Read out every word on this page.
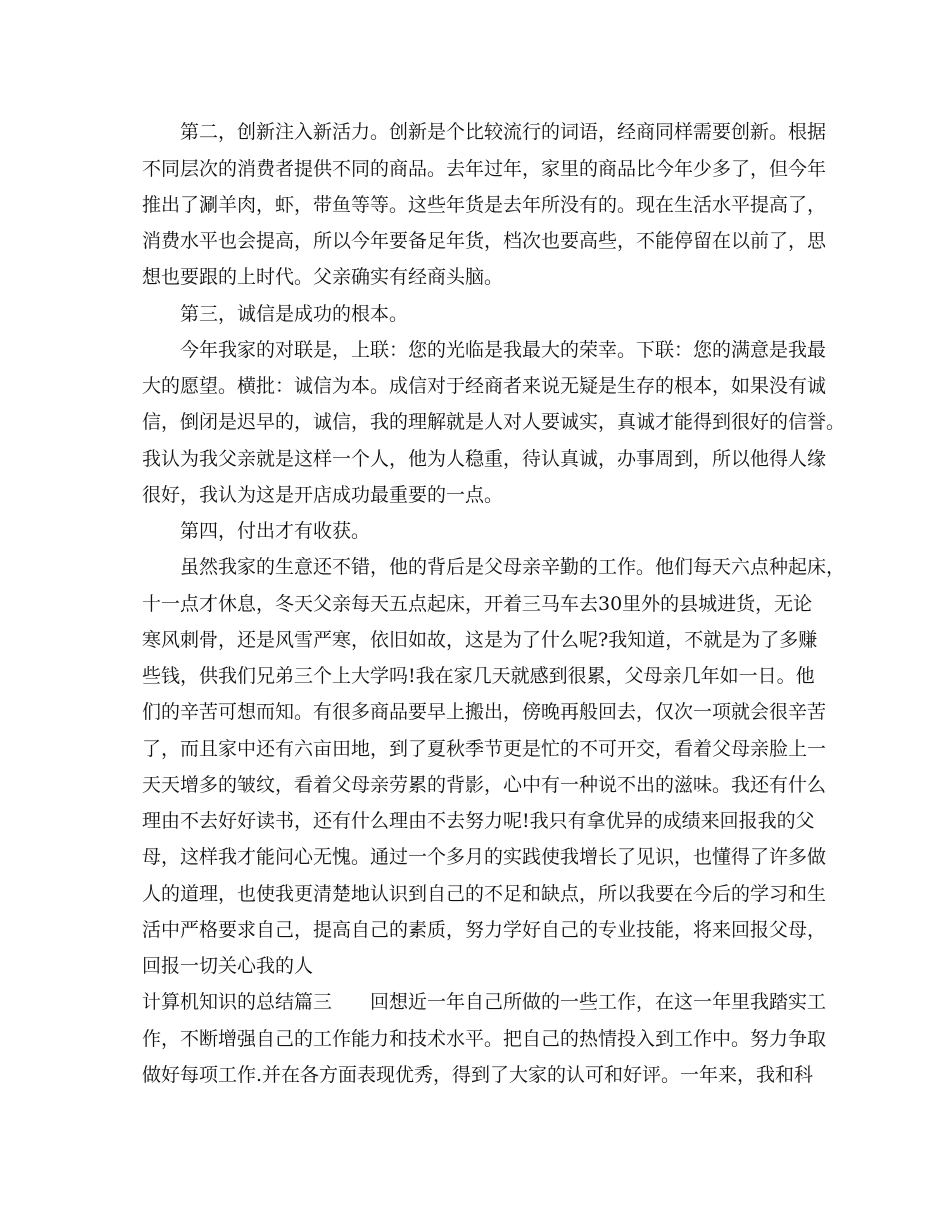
第二，创新注入新活力。创新是个比较流行的词语，经商同样需要创新。根据

不同层次的消费者提供不同的商品。去年过年，家里的商品比今年少多了，但今年

推出了涮羊肉，虾，带鱼等等。这些年货是去年所没有的。现在生活水平提高了，

消费水平也会提高，所以今年要备足年货，档次也要高些，不能停留在以前了，思

想也要跟的上时代。父亲确实有经商头脑。

第三，诚信是成功的根本。

今年我家的对联是，上联：您的光临是我最大的荣幸。下联：您的满意是我最

大的愿望。横批：诚信为本。成信对于经商者来说无疑是生存的根本，如果没有诚

信，倒闭是迟早的，诚信，我的理解就是人对人要诚实，真诚才能得到很好的信誉。

我认为我父亲就是这样一个人，他为人稳重，待认真诚，办事周到，所以他得人缘

很好，我认为这是开店成功最重要的一点。

第四，付出才有收获。

虽然我家的生意还不错，他的背后是父母亲辛勤的工作。他们每天六点种起床，

十一点才休息，冬天父亲每天五点起床，开着三马车去30里外的县城进货，无论

寒风刺骨，还是风雪严寒，依旧如故，这是为了什么呢?我知道，不就是为了多赚

些钱，供我们兄弟三个上大学吗!我在家几天就感到很累，父母亲几年如一日。他

们的辛苦可想而知。有很多商品要早上搬出，傍晚再般回去，仅次一项就会很辛苦

了，而且家中还有六亩田地，到了夏秋季节更是忙的不可开交，看着父母亲脸上一

天天增多的皱纹，看着父母亲劳累的背影，心中有一种说不出的滋味。我还有什么

理由不去好好读书，还有什么理由不去努力呢!我只有拿优异的成绩来回报我的父

母，这样我才能问心无愧。通过一个多月的实践使我增长了见识，也懂得了许多做

人的道理，也使我更清楚地认识到自己的不足和缺点，所以我要在今后的学习和生

活中严格要求自己，提高自己的素质，努力学好自己的专业技能，将来回报父母，

回报一切关心我的人

计算机知识的总结篇三 回想近一年自己所做的一些工作，在这一年里我踏实工

作，不断增强自己的工作能力和技术水平。把自己的热情投入到工作中。努力争取

做好每项工作.并在各方面表现优秀，得到了大家的认可和好评。一年来，我和科
